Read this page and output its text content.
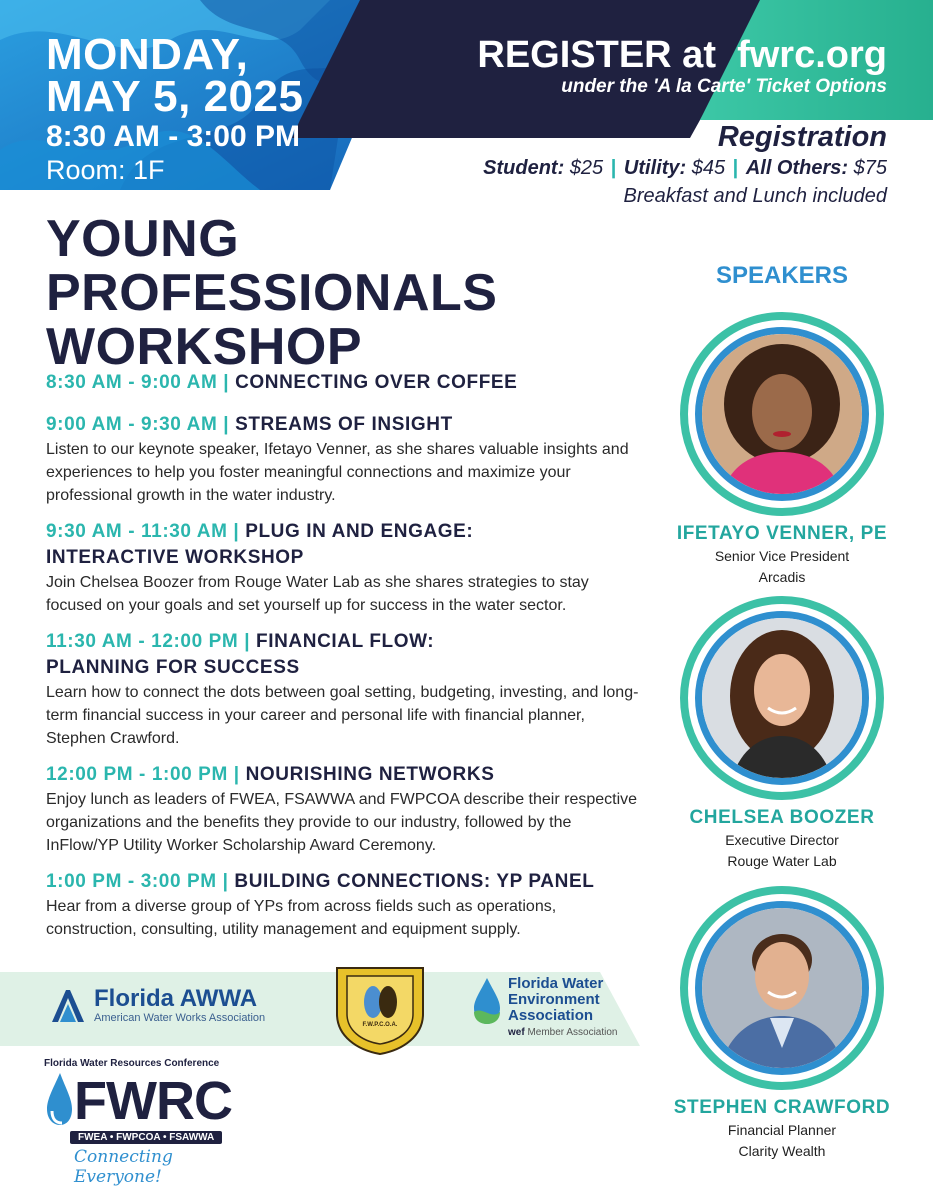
MONDAY,
MAY 5, 2025
8:30 AM - 3:00 PM
Room: 1F
REGISTER at  fwrc.org
under the 'A la Carte' Ticket Options
Registration
Student: $25 | Utility: $45 | All Others: $75
Breakfast and Lunch included
YOUNG
PROFESSIONALS
WORKSHOP
8:30 AM - 9:00 AM | CONNECTING OVER COFFEE
9:00 AM - 9:30 AM | STREAMS OF INSIGHT
Listen to our keynote speaker, Ifetayo Venner, as she shares valuable insights and experiences to help you foster meaningful connections and maximize your professional growth in the water industry.
9:30 AM - 11:30 AM | PLUG IN AND ENGAGE:
INTERACTIVE WORKSHOP
Join Chelsea Boozer from Rouge Water Lab as she shares strategies to stay focused on your goals and set yourself up for success in the water sector.
11:30 AM - 12:00 PM | FINANCIAL FLOW:
PLANNING FOR SUCCESS
Learn how to connect the dots between goal setting, budgeting, investing, and long-term financial success in your career and personal life with financial planner, Stephen Crawford.
12:00 PM - 1:00 PM | NOURISHING NETWORKS
Enjoy lunch as leaders of FWEA, FSAWWA and FWPCOA describe their respective organizations and the benefits they provide to our industry, followed by the InFlow/YP Utility Worker Scholarship Award Ceremony.
1:00 PM - 3:00 PM | BUILDING CONNECTIONS: YP PANEL
Hear from a diverse group of YPs from across fields such as operations, construction, consulting, utility management and equipment supply.
SPEAKERS
IFETAYO VENNER, PE
Senior Vice President
Arcadis
CHELSEA BOOZER
Executive Director
Rouge Water Lab
STEPHEN CRAWFORD
Financial Planner
Clarity Wealth
Florida AWWA
American Water Works Association
F.W.P.C.O.A.
Florida Water Environment Association
wef Member Association
Florida Water Resources Conference
FWRC
FWEA • FWPCOA • FSAWWA
Connecting Everyone!
